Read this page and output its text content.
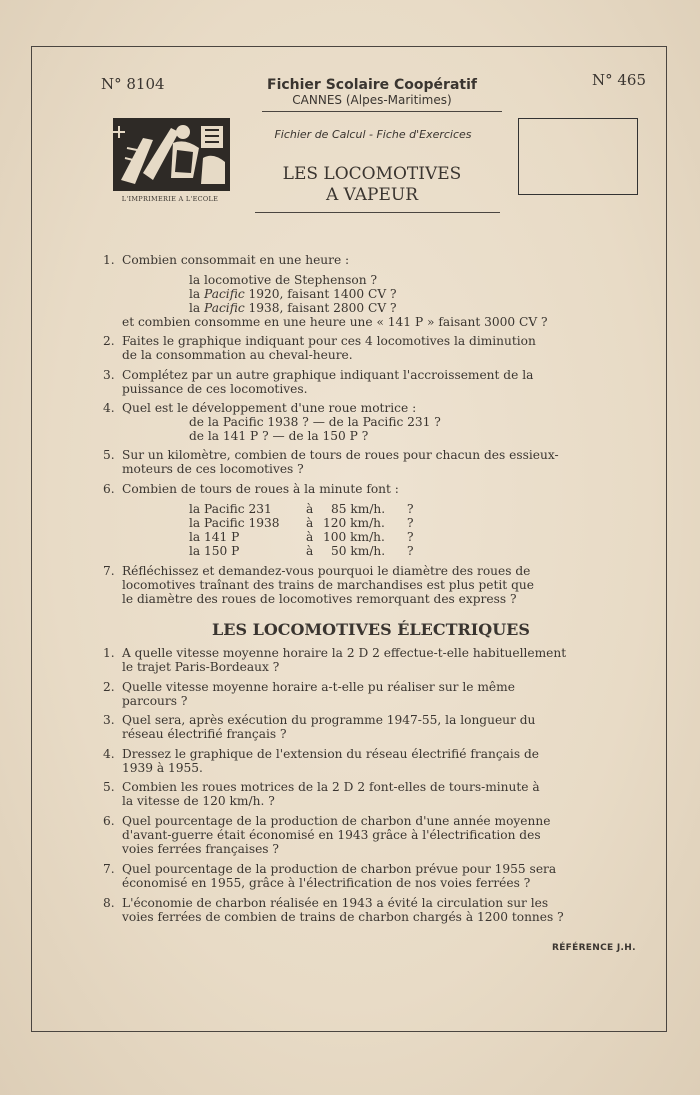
N° 8104	N° 465
Fichier Scolaire Coopératif
CANNES (Alpes-Maritimes)
Fichier de Calcul - Fiche d'Exercices
L'IMPRIMERIE A L'ECOLE
LES LOCOMOTIVES
A VAPEUR
1. Combien consommait en une heure :
la locomotive de Stephenson ?
la Pacific 1920, faisant 1400 CV ?
la Pacific 1938, faisant 2800 CV ?
et combien consomme en une heure une « 141 P » faisant 3000 CV ?
2. Faites le graphique indiquant pour ces 4 locomotives la diminution
de la consommation au cheval-heure.
3. Complétez par un autre graphique indiquant l'accroissement de la
puissance de ces locomotives.
4. Quel est le développement d'une roue motrice :
de la Pacific 1938 ? — de la Pacific 231 ?
de la 141 P ? — de la 150 P ?
5. Sur un kilomètre, combien de tours de roues pour chacun des essieux-
moteurs de ces locomotives ?
6. Combien de tours de roues à la minute font :
la Pacific 231	à 85 km/h. ?
la Pacific 1938 à 120 km/h. ?
la 141 P	à 100 km/h. ?
la 150 P	à 50 km/h. ?
7. Réfléchissez et demandez-vous pourquoi le diamètre des roues de
locomotives traînant des trains de marchandises est plus petit que
le diamètre des roues de locomotives remorquant des express ?
LES LOCOMOTIVES ÉLECTRIQUES
1. A quelle vitesse moyenne horaire la 2 D 2 effectue-t-elle habituellement
le trajet Paris-Bordeaux ?
2. Quelle vitesse moyenne horaire a-t-elle pu réaliser sur le même
parcours ?
3. Quel sera, après exécution du programme 1947-55, la longueur du
réseau électrifié français ?
4. Dressez le graphique de l'extension du réseau électrifié français de
1939 à 1955.
5. Combien les roues motrices de la 2 D 2 font-elles de tours-minute à
la vitesse de 120 km/h. ?
6. Quel pourcentage de la production de charbon d'une année moyenne
d'avant-guerre était économisé en 1943 grâce à l'électrification des
voies ferrées françaises ?
7. Quel pourcentage de la production de charbon prévue pour 1955 sera
économisé en 1955, grâce à l'électrification de nos voies ferrées ?
8. L'économie de charbon réalisée en 1943 a évité la circulation sur les
voies ferrées de combien de trains de charbon chargés à 1200 tonnes ?
RÉFÉRENCE J.H.
